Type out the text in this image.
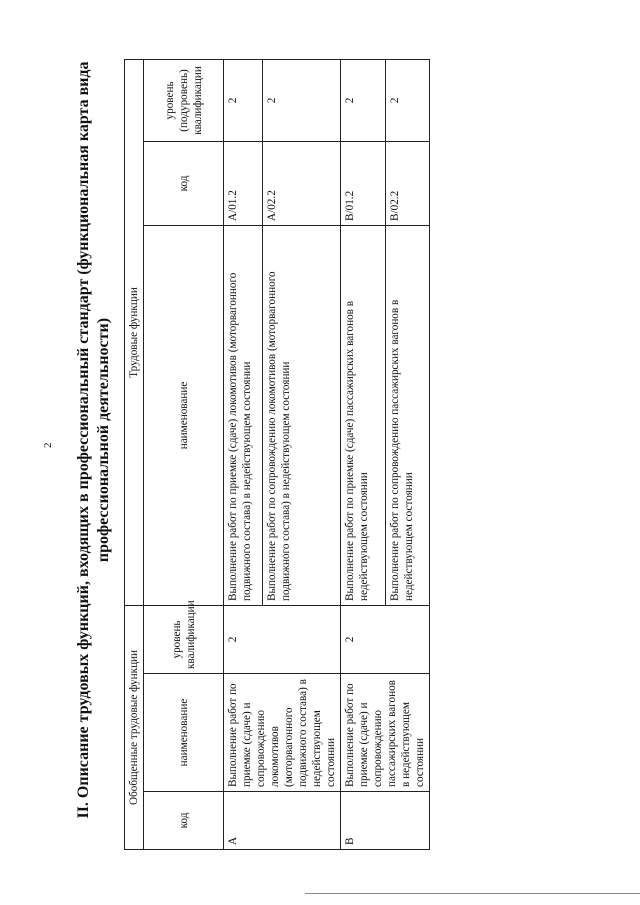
2 II. Описание трудовых функций, входящих в профессиональный стандарт (функциональная карта вида профессиональной деятельности)
Обобщенные трудовые функции			Трудовые функции		
код	наименование	уровень квалификации	наименование	код	уровень (подуровень) квалификации
А	Выполнение работ по приемке (сдаче) и сопровождению локомотивов (моторвагонного подвижного состава) в недействующем состоянии	2	Выполнение работ по приемке (сдаче) локомотивов (моторвагонного подвижного состава) в недействующем состоянии	A/01.2	2
			Выполнение работ по сопровождению локомотивов (моторвагонного подвижного состава) в недействующем состоянии	A/02.2	2
В	Выполнение работ по приемке (сдаче) и сопровождению пассажирских вагонов в недействующем состоянии	2	Выполнение работ по приемке (сдаче) пассажирских вагонов в недействующем состоянии	B/01.2	2
			Выполнение работ по сопровождению пассажирских вагонов в недействующем состоянии	B/02.2	2
